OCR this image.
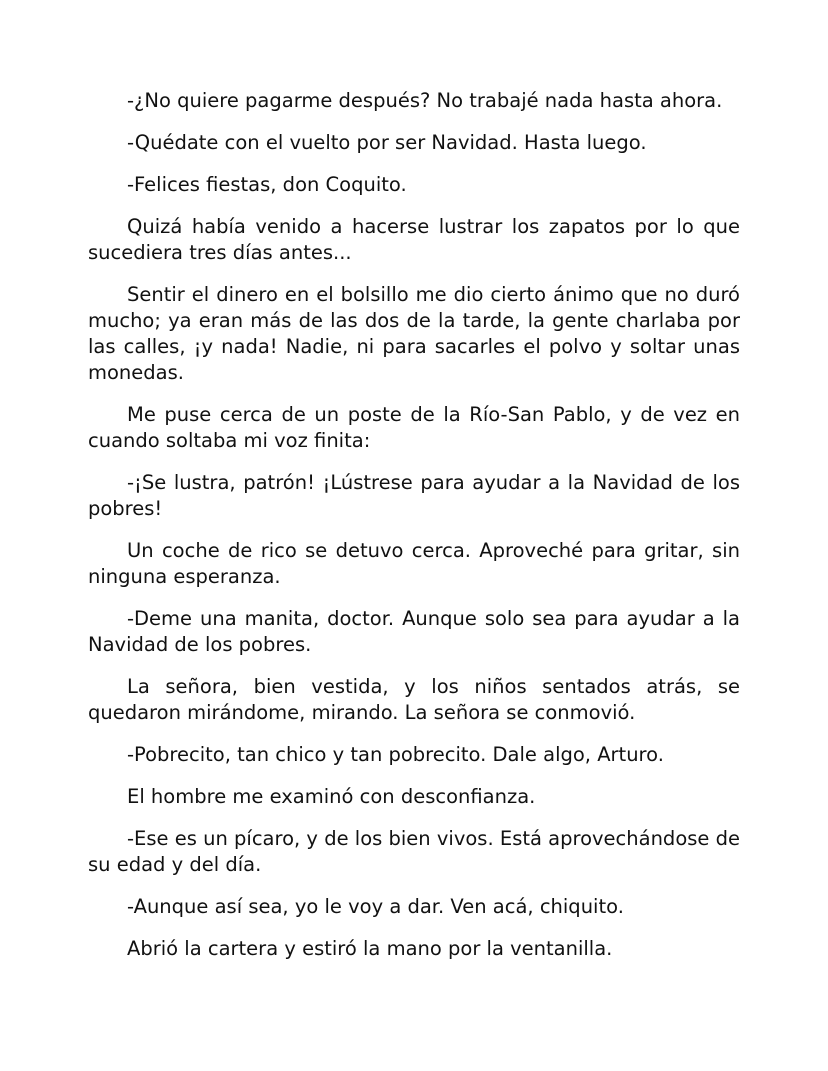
-¿No quiere pagarme después? No trabajé nada hasta ahora.

-Quédate con el vuelto por ser Navidad. Hasta luego.

-Felices fiestas, don Coquito.

Quizá había venido a hacerse lustrar los zapatos por lo que sucediera tres días antes...

Sentir el dinero en el bolsillo me dio cierto ánimo que no duró mucho; ya eran más de las dos de la tarde, la gente charlaba por las calles, ¡y nada! Nadie, ni para sacarles el polvo y soltar unas monedas.

Me puse cerca de un poste de la Río-San Pablo, y de vez en cuando soltaba mi voz finita:

-¡Se lustra, patrón! ¡Lústrese para ayudar a la Navidad de los pobres!

Un coche de rico se detuvo cerca. Aproveché para gritar, sin ninguna esperanza.

-Deme una manita, doctor. Aunque solo sea para ayudar a la Navidad de los pobres.

La señora, bien vestida, y los niños sentados atrás, se quedaron mirándome, mirando. La señora se conmovió.

-Pobrecito, tan chico y tan pobrecito. Dale algo, Arturo.

El hombre me examinó con desconfianza.

-Ese es un pícaro, y de los bien vivos. Está aprovechándose de su edad y del día.

-Aunque así sea, yo le voy a dar. Ven acá, chiquito.

Abrió la cartera y estiró la mano por la ventanilla.
